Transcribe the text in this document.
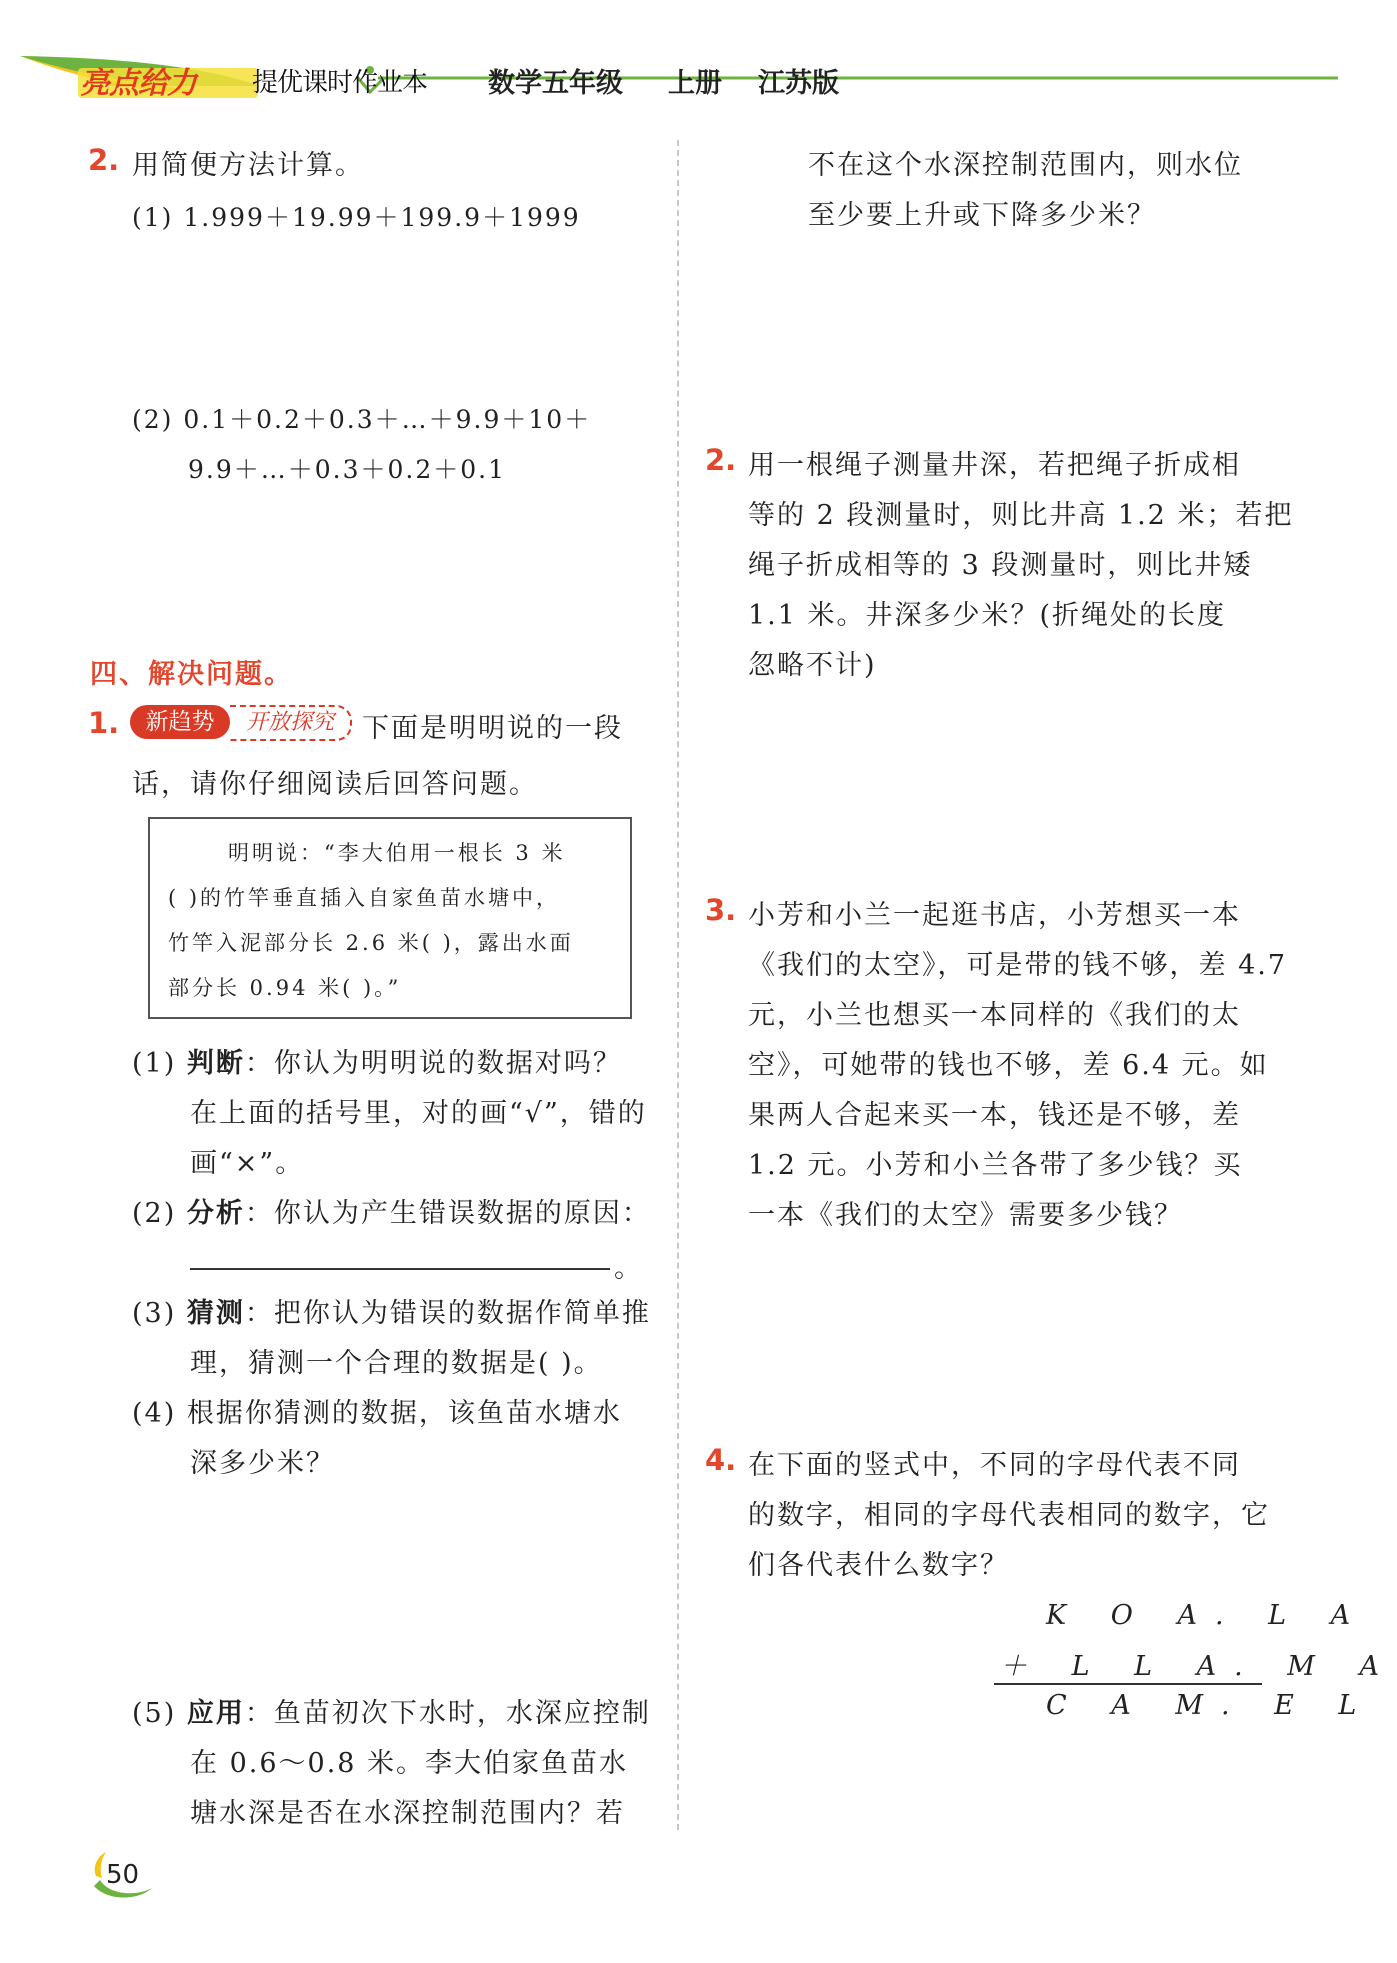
亮点给力 提优课时作业本 数学五年级 上册 江苏版
2. 用简便方法计算。
(1) 1.999＋19.99＋199.9＋1999
(2) 0.1＋0.2＋0.3＋…＋9.9＋10＋
9.9＋…＋0.3＋0.2＋0.1
四、解决问题。
1.	新趋势	开放探究	下面是明明说的一段
话，请你仔细阅读后回答问题。
明明说：“李大伯用一根长 3 米
( )的竹竿垂直插入自家鱼苗水塘中，
竹竿入泥部分长 2.6 米( )，露出水面
部分长 0.94 米( )。”
(1) 判断：你认为明明说的数据对吗？
在上面的括号里，对的画“√”，错的
画“×”。
(2) 分析：你认为产生错误数据的原因：
。
(3) 猜测：把你认为错误的数据作简单推
理，猜测一个合理的数据是( )。
(4) 根据你猜测的数据，该鱼苗水塘水
深多少米？
(5) 应用：鱼苗初次下水时，水深应控制
在 0.6～0.8 米。李大伯家鱼苗水
塘水深是否在水深控制范围内？若
不在这个水深控制范围内，则水位
至少要上升或下降多少米？
2. 用一根绳子测量井深，若把绳子折成相
等的 2 段测量时，则比井高 1.2 米；若把
绳子折成相等的 3 段测量时，则比井矮
1.1 米。井深多少米？(折绳处的长度
忽略不计)
3. 小芳和小兰一起逛书店，小芳想买一本
《我们的太空》，可是带的钱不够，差 4.7
元，小兰也想买一本同样的《我们的太
空》，可她带的钱也不够，差 6.4 元。如
果两人合起来买一本，钱还是不够，差
1.2 元。小芳和小兰各带了多少钱？买
一本《我们的太空》需要多少钱？
4. 在下面的竖式中，不同的字母代表不同
的数字，相同的字母代表相同的数字，它
们各代表什么数字？
K O A. L A
＋ L L A. M A
C A M. E L
50
